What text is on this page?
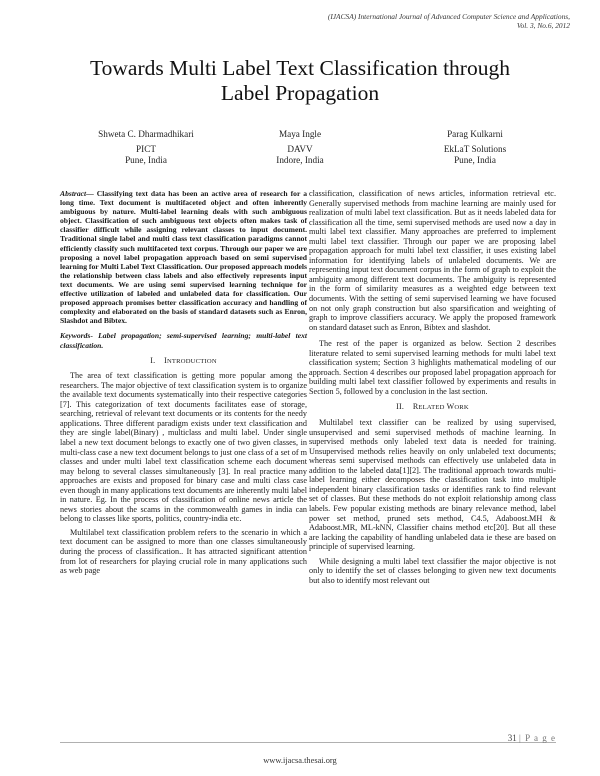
(IJACSA) International Journal of Advanced Computer Science and Applications,
Vol. 3, No.6, 2012
Towards Multi Label Text Classification through
Label Propagation
Shweta C. Dharmadhikari
PICT
Pune, India
Maya Ingle
DAVV
Indore, India
Parag Kulkarni
EkLaT Solutions
Pune, India

Abstract— Classifying text data has been an active area of research for a long time. Text document is multifaceted object and often inherently ambiguous by nature. Multi-label learning deals with such ambiguous object. Classification of such ambiguous text objects often makes task of classifier difficult while assigning relevant classes to input document. Traditional single label and multi class text classification paradigms cannot efficiently classify such multifaceted text corpus. Through our paper we are proposing a novel label propagation approach based on semi supervised learning for Multi Label Text Classification. Our proposed approach models the relationship between class labels and also effectively represents input text documents. We are using semi supervised learning technique for effective utilization of labeled and unlabeled data for classification. Our proposed approach promises better classification accuracy and handling of complexity and elaborated on the basis of standard datasets such as Enron, Slashdot and Bibtex.

Keywords- Label propagation; semi-supervised learning; multi-label text classification.

I. INTRODUCTION

The area of text classification is getting more popular among the researchers. The major objective of text classification system is to organize the available text documents systematically into their respective categories [7]. This categorization of text documents facilitates ease of storage, searching, retrieval of relevant text documents or its contents for the needy applications. Three different paradigm exists under text classification and they are single label(Binary) , multiclass and multi label. Under single label a new text document belongs to exactly one of two given classes, in multi-class case a new text document belongs to just one class of a set of m classes and under multi label text classification scheme each document may belong to several classes simultaneously [3]. In real practice many approaches are exists and proposed for binary case and multi class case even though in many applications text documents are inherently multi label in nature. Eg. In the process of classification of online news article the news stories about the scams in the commonwealth games in india can belong to classes like sports, politics, country-india etc.

Multilabel text classification problem refers to the scenario in which a text document can be assigned to more than one classes simultaneously during the process of classification.. It has attracted significant attention from lot of researchers for playing crucial role in many applications such as web page

classification, classification of news articles, information retrieval etc. Generally supervised methods from machine learning are mainly used for realization of multi label text classification. But as it needs labeled data for classification all the time, semi supervised methods are used now a day in multi label text classifier. Many approaches are preferred to implement multi label text classifier. Through our paper we are proposing label propagation approach for multi label text classifier, it uses existing label information for identifying labels of unlabeled documents. We are representing input text document corpus in the form of graph to exploit the ambiguity among different text documents. The ambiguity is represented in the form of similarity measures as a weighted edge between text documents. With the setting of semi supervised learning we have focused on not only graph construction but also sparsification and weighting of graph to improve classifiers accuracy. We apply the proposed framework on standard dataset such as Enron, Bibtex and slashdot.

The rest of the paper is organized as below. Section 2 describes literature related to semi supervised learning methods for multi label text classification system; Section 3 highlights mathematical modeling of our approach. Section 4 describes our proposed label propagation approach for building multi label text classifier followed by experiments and results in Section 5, followed by a conclusion in the last section.

II. RELATED WORK

Multilabel text classifier can be realized by using supervised, unsupervised and semi supervised methods of machine learning. In supervised methods only labeled text data is needed for training. Unsupervised methods relies heavily on only unlabeled text documents; whereas semi supervised methods can effectively use unlabeled data in addition to the labeled data[1][2]. The traditional approach towards multi-label learning either decomposes the classification task into multiple independent binary classification tasks or identifies rank to find relevant set of classes. But these methods do not exploit relationship among class labels. Few popular existing methods are binary relevance method, label power set method, pruned sets method, C4.5, Adaboost.MH & Adaboost.MR, ML-kNN, Classifier chains method etc[20]. But all these are lacking the capability of handling unlabeled data ie these are based on principle of supervised learning.

While designing a multi label text classifier the major objective is not only to identify the set of classes belonging to given new text documents but also to identify most relevant out

31 | P a g e
www.ijacsa.thesai.org
